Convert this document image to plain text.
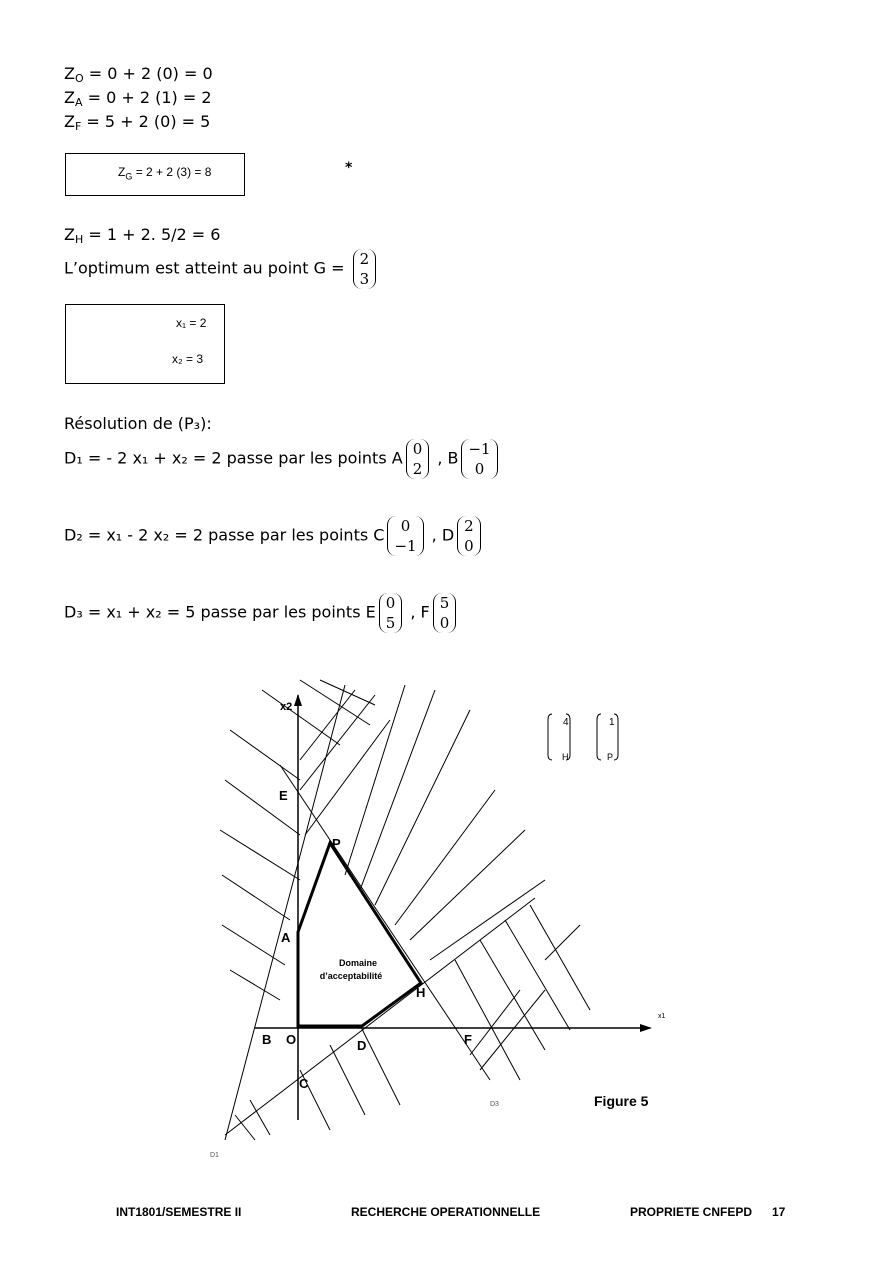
$Z_O = 0 + 2$ (0) = 0
$Z_A = 0 + 2$ (1) = 2
$Z_F = 5 + 2$ (0) = 5
$Z_G = 2 + 2$ (3) = 8	*
$Z_H = 1 + 2$. 5/2 = 6
L’optimum est atteint au point G = 2
3
x₁ = 2
x₂ = 3
Résolution de (P₃):
D₁ = - 2 x₁ + x₂ = 2 passe par les points A 0
2
, B −1
0
D₂ = x₁ - 2 x₂ = 2 passe par les points C	0
−1
, D 2
0
D₃ = x₁ + x₂ = 5 passe par les points E 0
5
, F 5
0
E
P
A
H
B O	D	F
C
x2
x1
Domaine
d’acceptabilité
Figure 5
D3
D1
4
H
1
P
INT1801/SEMESTRE II	RECHERCHE OPERATIONNELLE	PROPRIETE CNFEPD 17
